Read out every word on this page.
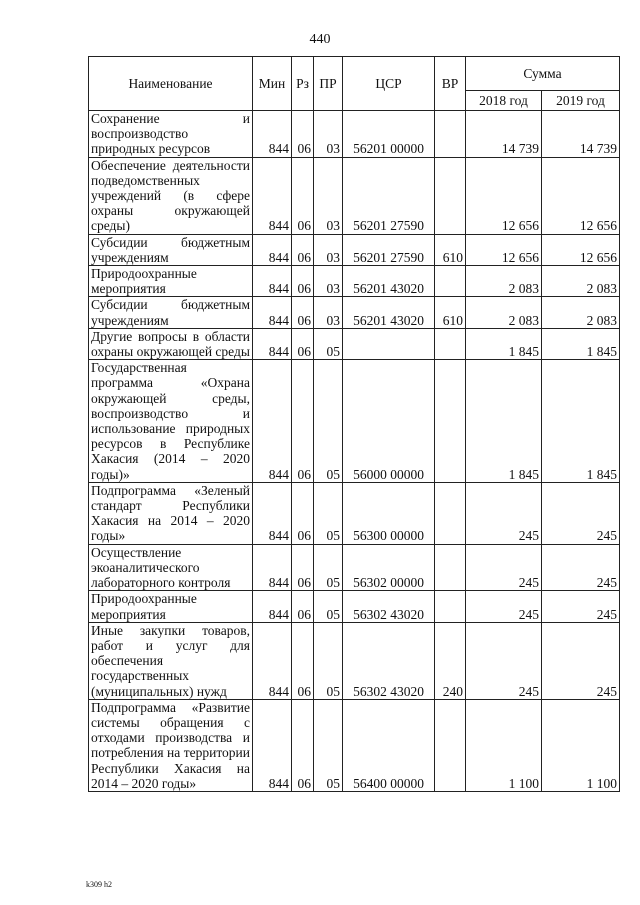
440
Наименование	Мин	Рз	ПР	ЦСР	ВР	Сумма	
						2018 год	2019 год
Сохранение и воспроизводство природных ресурсов	844	06	03	56201 00000		14 739	14 739
Обеспечение деятельности подведомственных учреждений (в сфере охраны окружающей среды)	844	06	03	56201 27590		12 656	12 656
Субсидии бюджетным учреждениям	844	06	03	56201 27590	610	12 656	12 656
Природоохранные мероприятия	844	06	03	56201 43020		2 083	2 083
Субсидии бюджетным учреждениям	844	06	03	56201 43020	610	2 083	2 083
Другие вопросы в области охраны окружающей среды	844	06	05			1 845	1 845
Государственная программа «Охрана окружающей среды, воспроизводство и использование природных ресурсов в Республике Хакасия (2014 – 2020 годы)»	844	06	05	56000 00000		1 845	1 845
Подпрограмма «Зеленый стандарт Республики Хакасия на 2014 – 2020 годы»	844	06	05	56300 00000		245	245
Осуществление экоаналитического лабораторного контроля	844	06	05	56302 00000		245	245
Природоохранные мероприятия	844	06	05	56302 43020		245	245
Иные закупки товаров, работ и услуг для обеспечения государственных (муниципальных) нужд	844	06	05	56302 43020	240	245	245
Подпрограмма «Развитие системы обращения с отходами производства и потребления на территории Республики Хакасия на 2014 – 2020 годы»	844	06	05	56400 00000		1 100	1 100
k309 h2
